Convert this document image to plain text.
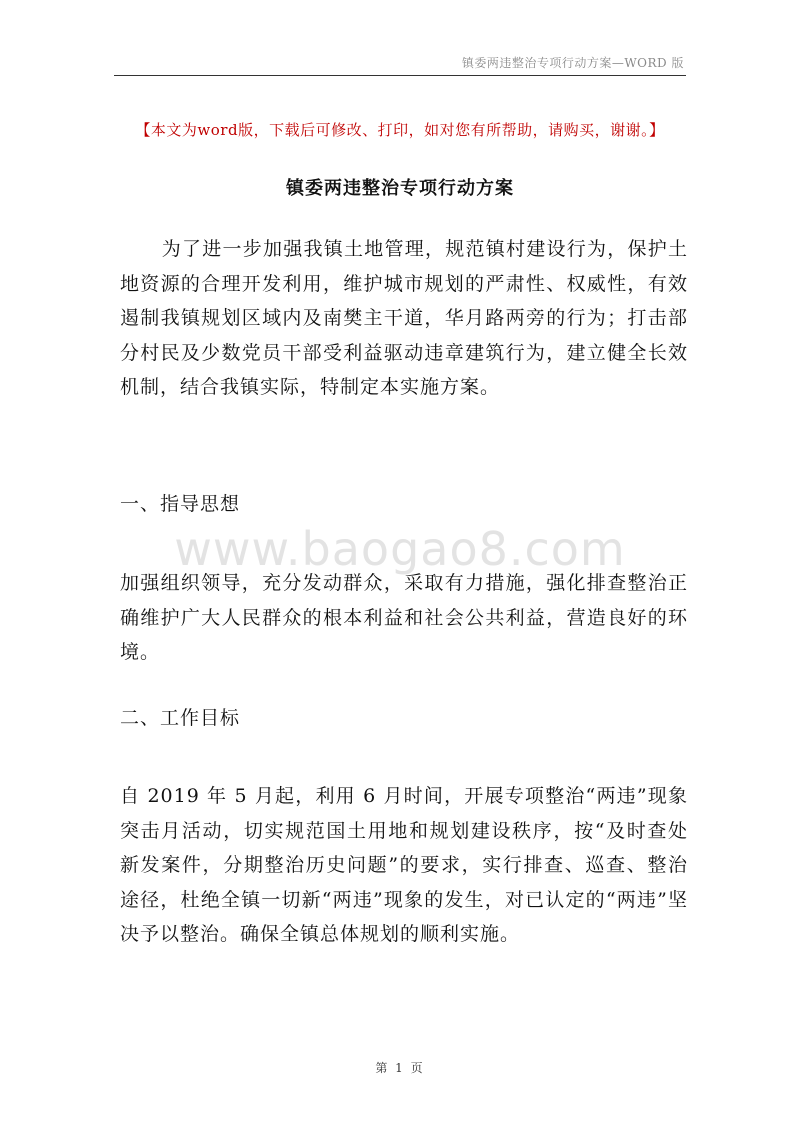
镇委两违整治专项行动方案—WORD 版
【本文为word版，下载后可修改、打印，如对您有所帮助，请购买，谢谢。】
镇委两违整治专项行动方案

为了进一步加强我镇土地管理，规范镇村建设行为，保护土地资源的合理开发利用，维护城市规划的严肃性、权威性，有效遏制我镇规划区域内及南樊主干道，华月路两旁的行为；打击部分村民及少数党员干部受利益驱动违章建筑行为，建立健全长效机制，结合我镇实际，特制定本实施方案。

一、指导思想
www.baogao8.com

加强组织领导，充分发动群众，采取有力措施，强化排查整治正确维护广大人民群众的根本利益和社会公共利益，营造良好的环境。

二、工作目标

自 2019 年 5 月起，利用 6 月时间，开展专项整治“两违”现象突击月活动，切实规范国土用地和规划建设秩序，按“及时查处新发案件，分期整治历史问题”的要求，实行排查、巡查、整治途径，杜绝全镇一切新“两违”现象的发生，对已认定的“两违”坚决予以整治。确保全镇总体规划的顺利实施。

第 1 页
